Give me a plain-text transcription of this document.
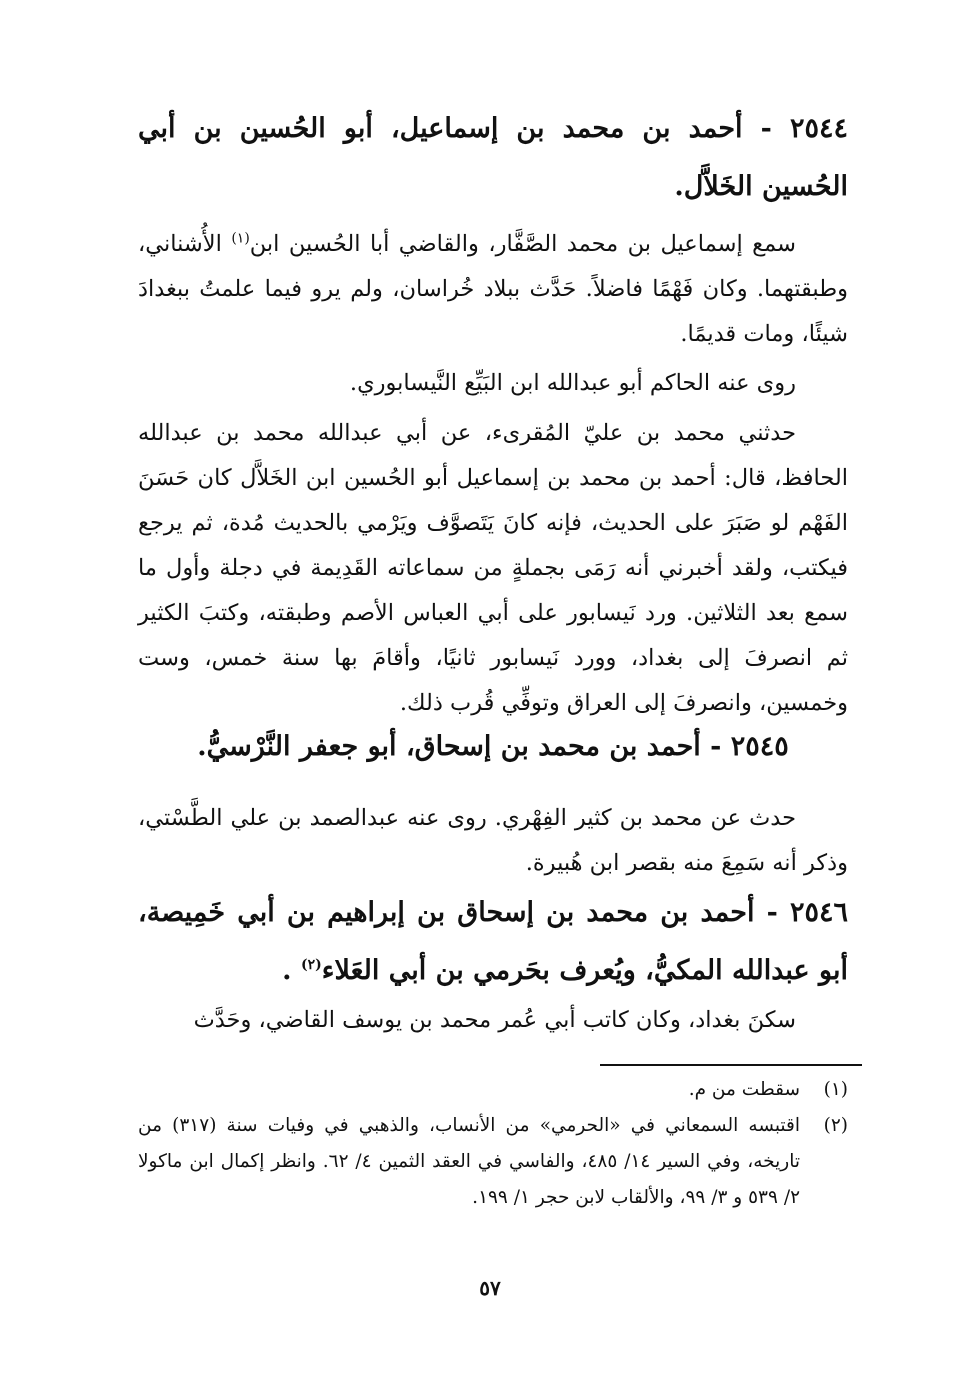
٢٥٤٤ - أحمد بن محمد بن إسماعيل، أبو الحُسين بن أبي الحُسين الخَلاَّل.
سمع إسماعيل بن محمد الصَّفَّار، والقاضي أبا الحُسين ابن$^{(١)}$ الأُشناني، وطبقتهما. وكان فَهْمًا فاضلاً. حَدَّث ببلاد خُراسان، ولم يرو فيما علمتُ ببغدادَ شيئًا، ومات قديمًا.
روى عنه الحاكم أبو عبدالله ابن البَيِّع النَّيسابوري.
حدثني محمد بن عليّ المُقرىء، عن أبي عبدالله محمد بن عبدالله الحافظ، قال: أحمد بن محمد بن إسماعيل أبو الحُسين ابن الخَلاَّل كان حَسَنَ الفَهْم لو صَبَرَ على الحديث، فإنه كانَ يَتَصوَّف ويَرْمي بالحديث مُدة، ثم يرجع فيكتب، ولقد أخبرني أنه رَمَى بجملةٍ من سماعاته القَدِيمة في دجلة وأول ما سمع بعد الثلاثين. ورد نَيسابور على أبي العباس الأصم وطبقته، وكتبَ الكثير ثم انصرفَ إلى بغداد، وورد نَيسابور ثانيًا، وأقامَ بها سنة خمس، وست وخمسين، وانصرفَ إلى العراق وتوفِّي قُرب ذلك.
٢٥٤٥ - أحمد بن محمد بن إسحاق، أبو جعفر النَّرْسيُّ.
حدث عن محمد بن كثير الفِهْري. روى عنه عبدالصمد بن علي الطَّسْتي، وذكر أنه سَمِعَ منه بقصر ابن هُبيرة.
٢٥٤٦ - أحمد بن محمد بن إسحاق بن إبراهيم بن أبي خَمِيصة، أبو عبدالله المكيُّ، ويُعرف بحَرمي بن أبي العَلاء$^{(٢)}$ .
سكنَ بغداد، وكان كاتب أبي عُمر محمد بن يوسف القاضي، وحَدَّث
(١)
سقطت من م.
(٢)
اقتبسه السمعاني في «الحرمي» من الأنساب، والذهبي في وفيات سنة (٣١٧) من تاريخه، وفي السير ١٤/ ٤٨٥، والفاسي في العقد الثمين ٤/ ٦٢. وانظر إكمال ابن ماكولا ٢/ ٥٣٩ و ٣/ ٩٩، والألقاب لابن حجر ١/ ١٩٩.
٥٧
